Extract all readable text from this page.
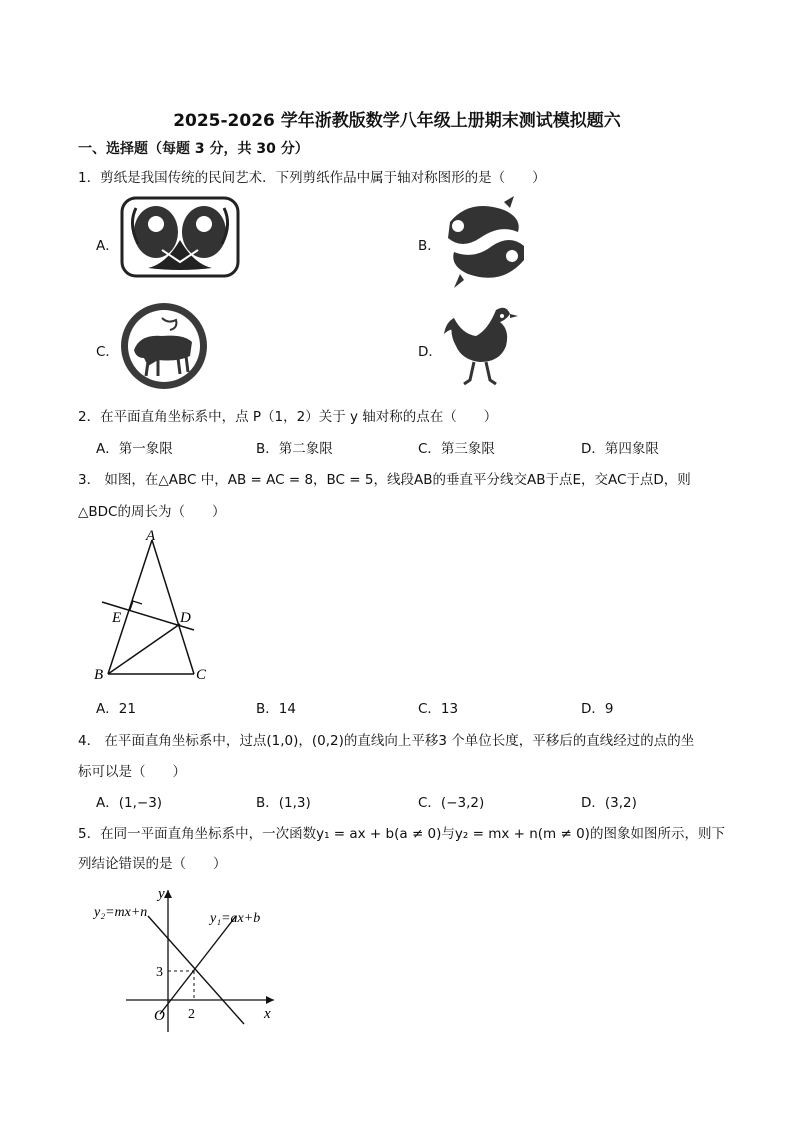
2025-2026 学年浙教版数学八年级上册期末测试模拟题六
一、选择题（每题 3 分，共 30 分）
1．剪纸是我国传统的民间艺术．下列剪纸作品中属于轴对称图形的是（　　）
A．	B．
C．	D．
2．在平面直角坐标系中，点 P（1，2）关于 y 轴对称的点在（　　）
A．第一象限	B．第二象限	C．第三象限	D．第四象限
3． 如图，在△ABC 中，AB = AC = 8，BC = 5，线段AB的垂直平分线交AB于点E，交AC于点D，则
△BDC的周长为（　　）
A
E	D
B	C
A．21	B．14	C．13	D．9
4． 在平面直角坐标系中，过点(1,0)，(0,2)的直线向上平移3 个单位长度，平移后的直线经过的点的坐
标可以是（　　）
A．(1,−3)	B．(1,3)	C．(−3,2)	D．(3,2)
5．在同一平面直角坐标系中，一次函数y₁ = ax + b(a ≠ 0)与y₂ = mx + n(m ≠ 0)的图象如图所示，则下
列结论错误的是（　　）
y
x
O
y₂=mx+n	y₁=ax+b
2
3
